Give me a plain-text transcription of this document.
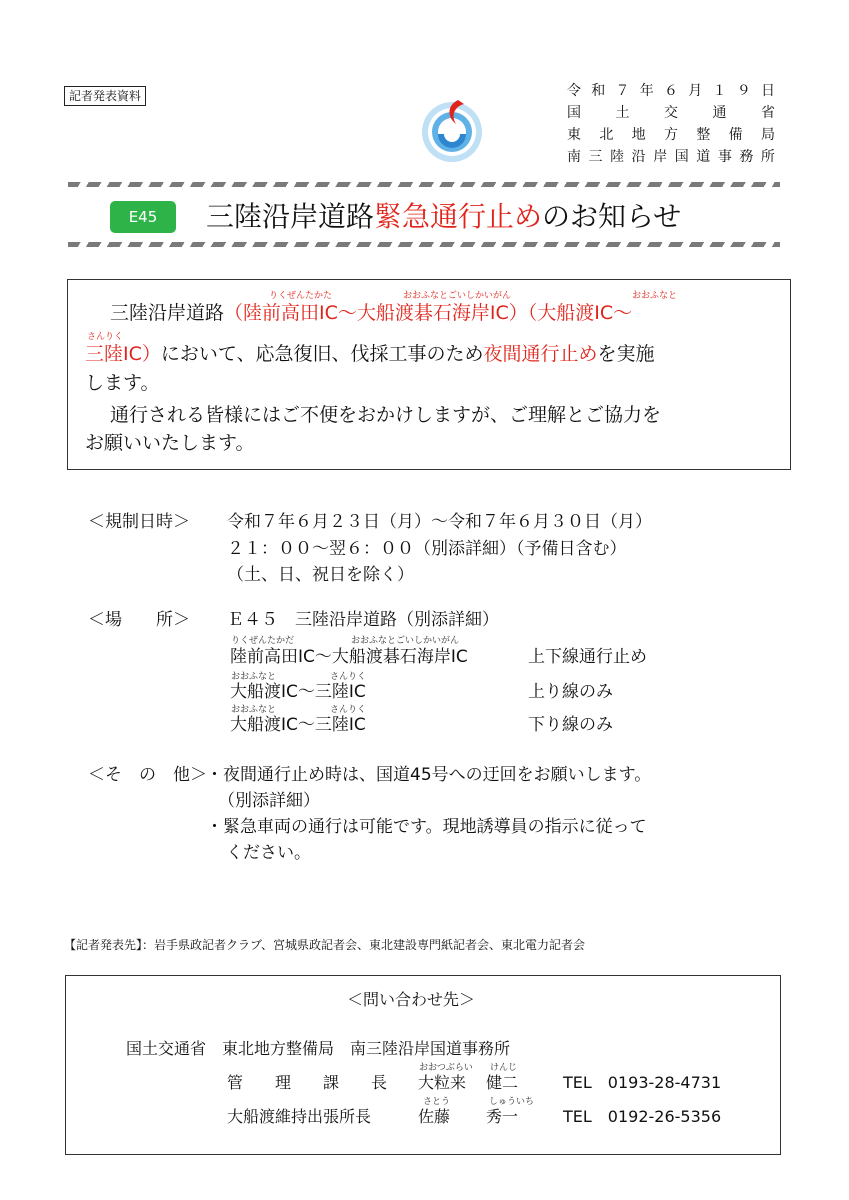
記者発表資料	令 和 ７ 年 ６ 月 １ ９ 日
国 土 交 通 省
東 北 地 方 整 備 局
南 三 陸 沿 岸 国 道 事 務 所
E45	三陸沿岸道路緊急通行止めのお知らせ
りくぜんたかた	おおふなとごいしかいがん	おおふなと
三陸沿岸道路（陸前高田IC～大船渡碁石海岸IC）（大船渡IC～
さんりく
三陸IC）において、応急復旧、伐採工事のため夜間通行止めを実施
します。
通行される皆様にはご不便をおかけしますが、ご理解とご協力を
お願いいたします。
＜規制日時＞ 令和７年６月２３日（月）～令和７年６月３０日（月）
２１：００～翌６：００（別添詳細）（予備日含む）
（土、日、祝日を除く）
＜場　　所＞ Ｅ４５　三陸沿岸道路（別添詳細）
りくぜんたかだ	おおふなとごいしかいがん
陸前高田IC～大船渡碁石海岸IC	上下線通行止め
おおふなと	さんりく
大船渡IC～三陸IC	上り線のみ
おおふなと	さんりく
大船渡IC～三陸IC	下り線のみ
＜そ　の　他＞ ・夜間通行止め時は、国道45号への迂回をお願いします。
（別添詳細）
・緊急車両の通行は可能です。現地誘導員の指示に従って
ください。
【記者発表先】：岩手県政記者クラブ、宮城県政記者会、東北建設専門紙記者会、東北電力記者会
＜問い合わせ先＞
国土交通省　東北地方整備局　南三陸沿岸国道事務所
おおつぶらい けんじ
管　　理　　課　　長 大粒来 健二	TEL　0193-28-4731
さとう	しゅういち
大船渡維持出張所長	佐藤 秀一	TEL　0192-26-5356
